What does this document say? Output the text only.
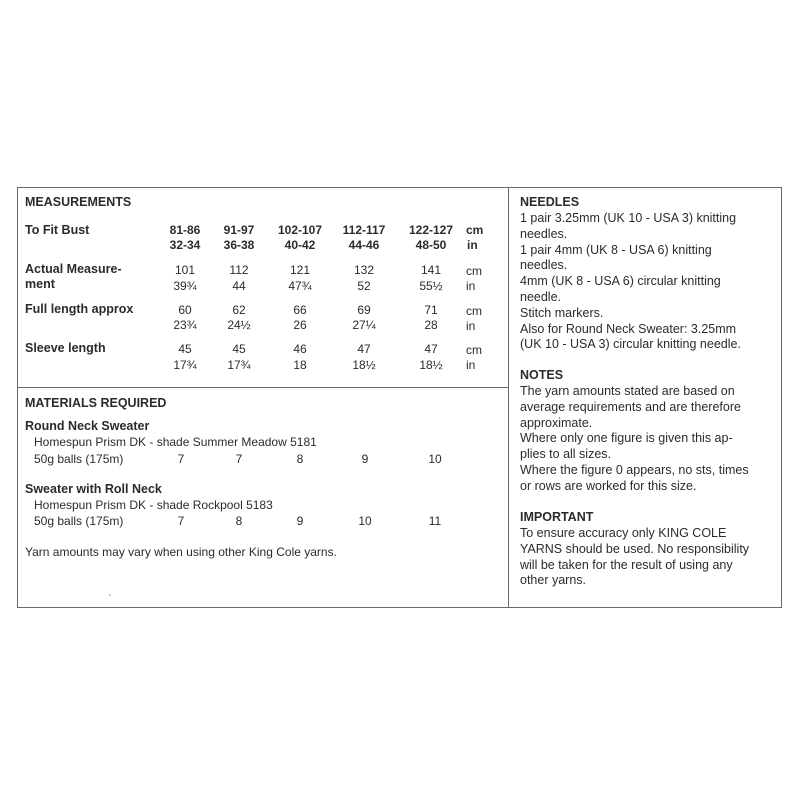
MEASUREMENTS
To Fit Bust	81-86	91-97	102-107	112-117	122-127	cm
32-34	36-38	40-42	44-46	48-50	in
Actual Measure-
ment
101	112	121	132	141	cm
39¾	44	47¾	52	55½	in
Full length approx	60	62	66	69	71	cm
23¾	24½	26	27¼	28	in
Sleeve length	45	45	46	47	47	cm
17¾	17¾	18	18½	18½	in
MATERIALS REQUIRED
Round Neck Sweater
Homespun Prism DK - shade Summer Meadow 5181
50g balls (175m)	7	7	8	9	10
Sweater with Roll Neck
Homespun Prism DK - shade Rockpool 5183
50g balls (175m)	7	8	9	10	11
Yarn amounts may vary when using other King Cole yarns.
NEEDLES
1 pair 3.25mm (UK 10 - USA 3) knitting
needles.
1 pair 4mm (UK 8 - USA 6) knitting
needles.
4mm (UK 8 - USA 6) circular knitting
needle.
Stitch markers.
Also for Round Neck Sweater: 3.25mm
(UK 10 - USA 3) circular knitting needle.
NOTES
The yarn amounts stated are based on
average requirements and are therefore
approximate.
Where only one figure is given this ap-
plies to all sizes.
Where the figure 0 appears, no sts, times
or rows are worked for this size.
IMPORTANT
To ensure accuracy only KING COLE
YARNS should be used. No responsibility
will be taken for the result of using any
other yarns.
